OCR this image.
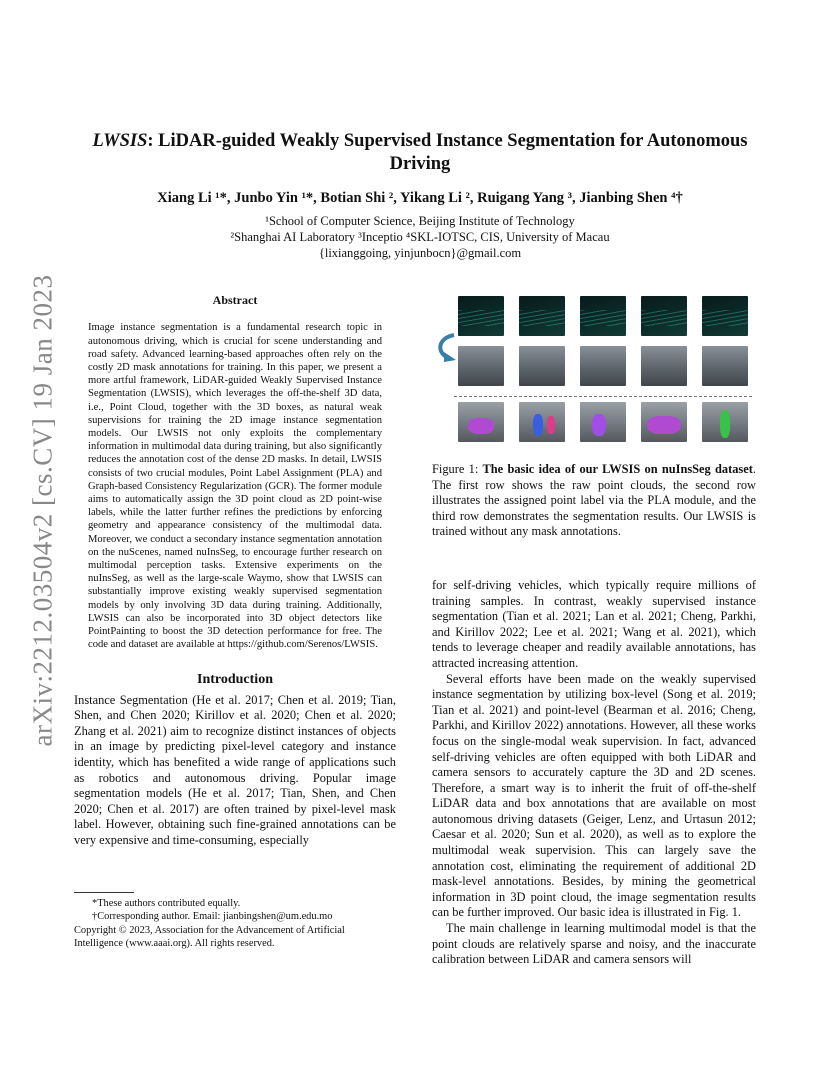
arXiv:2212.03504v2 [cs.CV] 19 Jan 2023
LWSIS: LiDAR-guided Weakly Supervised Instance Segmentation for Autonomous Driving

Xiang Li ¹*, Junbo Yin ¹*, Botian Shi ², Yikang Li ², Ruigang Yang ³, Jianbing Shen ⁴†

¹School of Computer Science, Beijing Institute of Technology
²Shanghai AI Laboratory ³Inceptio ⁴SKL-IOTSC, CIS, University of Macau
{lixianggoing, yinjunbocn}@gmail.com
Abstract
Image instance segmentation is a fundamental research topic in autonomous driving, which is crucial for scene understanding and road safety. Advanced learning-based approaches often rely on the costly 2D mask annotations for training. In this paper, we present a more artful framework, LiDAR-guided Weakly Supervised Instance Segmentation (LWSIS), which leverages the off-the-shelf 3D data, i.e., Point Cloud, together with the 3D boxes, as natural weak supervisions for training the 2D image instance segmentation models. Our LWSIS not only exploits the complementary information in multimodal data during training, but also significantly reduces the annotation cost of the dense 2D masks. In detail, LWSIS consists of two crucial modules, Point Label Assignment (PLA) and Graph-based Consistency Regularization (GCR). The former module aims to automatically assign the 3D point cloud as 2D point-wise labels, while the latter further refines the predictions by enforcing geometry and appearance consistency of the multimodal data. Moreover, we conduct a secondary instance segmentation annotation on the nuScenes, named nuInsSeg, to encourage further research on multimodal perception tasks. Extensive experiments on the nuInsSeg, as well as the large-scale Waymo, show that LWSIS can substantially improve existing weakly supervised segmentation models by only involving 3D data during training. Additionally, LWSIS can also be incorporated into 3D object detectors like PointPainting to boost the 3D detection performance for free. The code and dataset are available at https://github.com/Serenos/LWSIS.
Introduction
Instance Segmentation (He et al. 2017; Chen et al. 2019; Tian, Shen, and Chen 2020; Kirillov et al. 2020; Chen et al. 2020; Zhang et al. 2021) aim to recognize distinct instances of objects in an image by predicting pixel-level category and instance identity, which has benefited a wide range of applications such as robotics and autonomous driving. Popular image segmentation models (He et al. 2017; Tian, Shen, and Chen 2020; Chen et al. 2017) are often trained by pixel-level mask label. However, obtaining such fine-grained annotations can be very expensive and time-consuming, especially
*These authors contributed equally.
†Corresponding author. Email: jianbingshen@um.edu.mo
Copyright © 2023, Association for the Advancement of Artificial Intelligence (www.aaai.org). All rights reserved.
Figure 1: The basic idea of our LWSIS on nuInsSeg dataset. The first row shows the raw point clouds, the second row illustrates the assigned point label via the PLA module, and the third row demonstrates the segmentation results. Our LWSIS is trained without any mask annotations.

for self-driving vehicles, which typically require millions of training samples. In contrast, weakly supervised instance segmentation (Tian et al. 2021; Lan et al. 2021; Cheng, Parkhi, and Kirillov 2022; Lee et al. 2021; Wang et al. 2021), which tends to leverage cheaper and readily available annotations, has attracted increasing attention.

Several efforts have been made on the weakly supervised instance segmentation by utilizing box-level (Song et al. 2019; Tian et al. 2021) and point-level (Bearman et al. 2016; Cheng, Parkhi, and Kirillov 2022) annotations. However, all these works focus on the single-modal weak supervision. In fact, advanced self-driving vehicles are often equipped with both LiDAR and camera sensors to accurately capture the 3D and 2D scenes. Therefore, a smart way is to inherit the fruit of off-the-shelf LiDAR data and box annotations that are available on most autonomous driving datasets (Geiger, Lenz, and Urtasun 2012; Caesar et al. 2020; Sun et al. 2020), as well as to explore the multimodal weak supervision. This can largely save the annotation cost, eliminating the requirement of additional 2D mask-level annotations. Besides, by mining the geometrical information in 3D point cloud, the image segmentation results can be further improved. Our basic idea is illustrated in Fig. 1.

The main challenge in learning multimodal model is that the point clouds are relatively sparse and noisy, and the inaccurate calibration between LiDAR and camera sensors will
